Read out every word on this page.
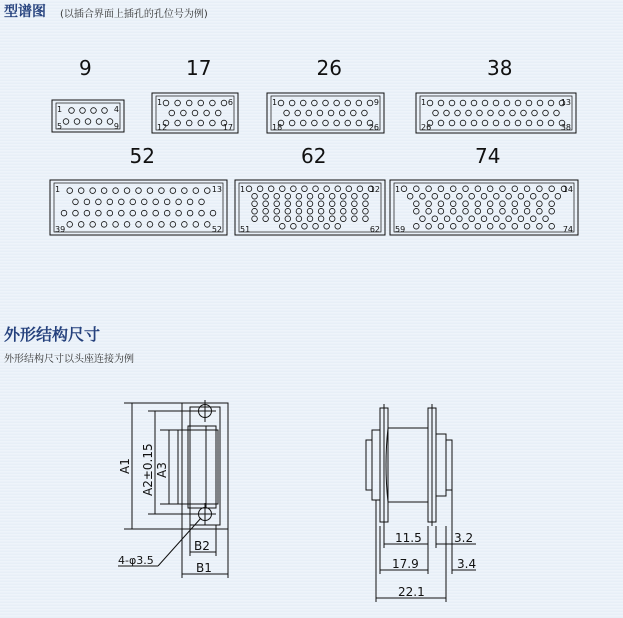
型谱图 (以插合界面上插孔的孔位号为例)
9
1	4
5	9
17
1	6
12	17
26
1	9
18	26
38
1	13
26	38
52
1	13
39	52
62
1	12
51	62
74
1	14
59	74
外形结构尺寸
外形结构尺寸以头座连接为例
A1 A2±0.15 A3
B2
B1
4-φ3.5
11.5	3.2
17.9	3.4
22.1
